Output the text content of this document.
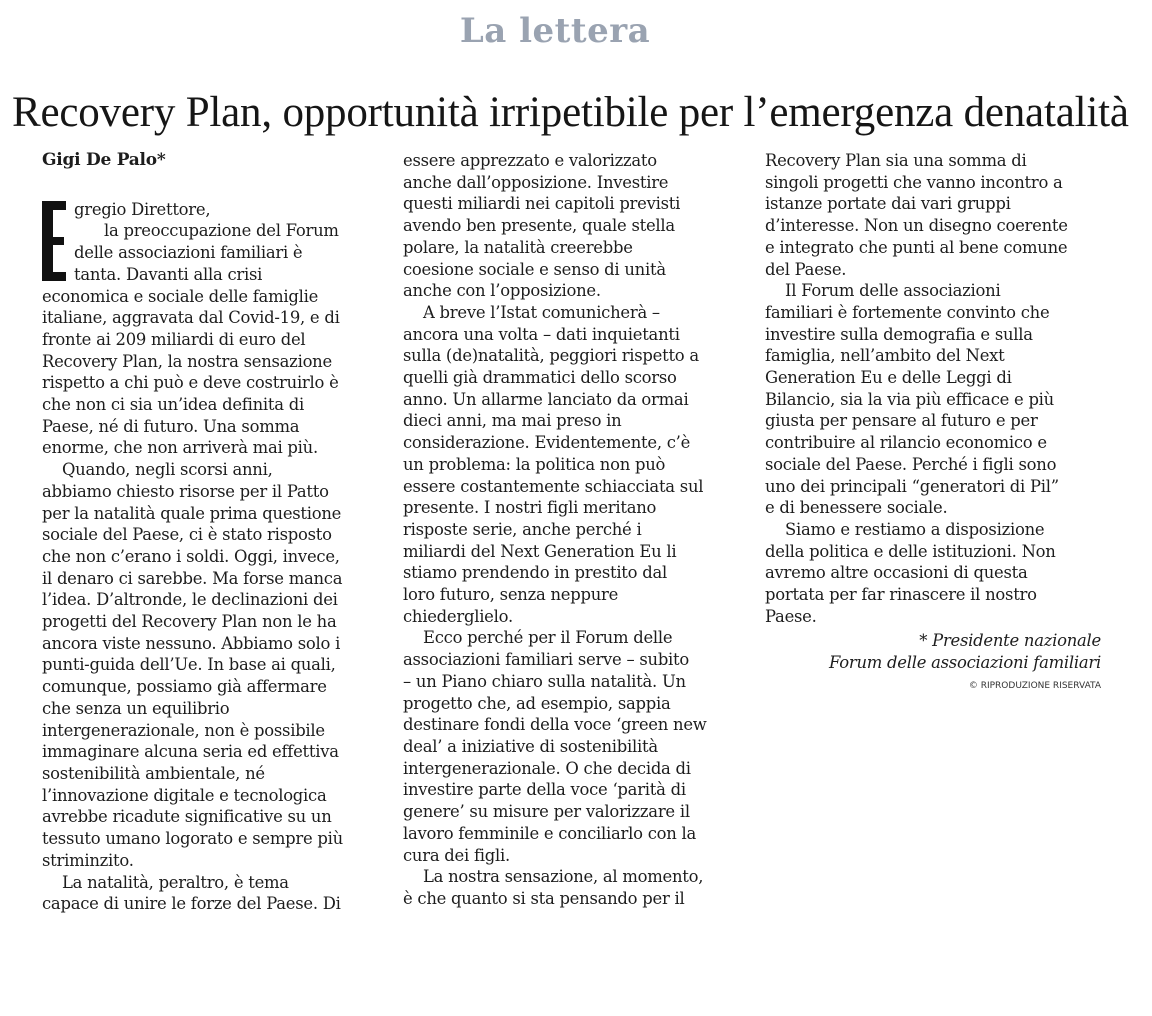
La lettera
Recovery Plan, opportunità irripetibile per l’emergenza denatalità

Gigi De Palo*

gregio Direttore,

la preoccupazione del Forum

delle associazioni familiari è

tanta. Davanti alla crisi

economica e sociale delle famiglie

italiane, aggravata dal Covid-19, e di

fronte ai 209 miliardi di euro del

Recovery Plan, la nostra sensazione

rispetto a chi può e deve costruirlo è

che non ci sia un’idea definita di

Paese, né di futuro. Una somma

enorme, che non arriverà mai più.

Quando, negli scorsi anni,

abbiamo chiesto risorse per il Patto

per la natalità quale prima questione

sociale del Paese, ci è stato risposto

che non c’erano i soldi. Oggi, invece,

il denaro ci sarebbe. Ma forse manca

l’idea. D’altronde, le declinazioni dei

progetti del Recovery Plan non le ha

ancora viste nessuno. Abbiamo solo i

punti-guida dell’Ue. In base ai quali,

comunque, possiamo già affermare

che senza un equilibrio

intergenerazionale, non è possibile

immaginare alcuna seria ed effettiva

sostenibilità ambientale, né

l’innovazione digitale e tecnologica

avrebbe ricadute significative su un

tessuto umano logorato e sempre più

striminzito.

La natalità, peraltro, è tema

capace di unire le forze del Paese. Di

essere apprezzato e valorizzato

anche dall’opposizione. Investire

questi miliardi nei capitoli previsti

avendo ben presente, quale stella

polare, la natalità creerebbe

coesione sociale e senso di unità

anche con l’opposizione.

A breve l’Istat comunicherà –

ancora una volta – dati inquietanti

sulla (de)natalità, peggiori rispetto a

quelli già drammatici dello scorso

anno. Un allarme lanciato da ormai

dieci anni, ma mai preso in

considerazione. Evidentemente, c’è

un problema: la politica non può

essere costantemente schiacciata sul

presente. I nostri figli meritano

risposte serie, anche perché i

miliardi del Next Generation Eu li

stiamo prendendo in prestito dal

loro futuro, senza neppure

chiederglielo.

Ecco perché per il Forum delle

associazioni familiari serve – subito

– un Piano chiaro sulla natalità. Un

progetto che, ad esempio, sappia

destinare fondi della voce ‘green new

deal’ a iniziative di sostenibilità

intergenerazionale. O che decida di

investire parte della voce ‘parità di

genere’ su misure per valorizzare il

lavoro femminile e conciliarlo con la

cura dei figli.

La nostra sensazione, al momento,

è che quanto si sta pensando per il

Recovery Plan sia una somma di

singoli progetti che vanno incontro a

istanze portate dai vari gruppi

d’interesse. Non un disegno coerente

e integrato che punti al bene comune

del Paese.

Il Forum delle associazioni

familiari è fortemente convinto che

investire sulla demografia e sulla

famiglia, nell’ambito del Next

Generation Eu e delle Leggi di

Bilancio, sia la via più efficace e più

giusta per pensare al futuro e per

contribuire al rilancio economico e

sociale del Paese. Perché i figli sono

uno dei principali “generatori di Pil”

e di benessere sociale.

Siamo e restiamo a disposizione

della politica e delle istituzioni. Non

avremo altre occasioni di questa

portata per far rinascere il nostro

Paese.

* Presidente nazionale

Forum delle associazioni familiari

© RIPRODUZIONE RISERVATA
